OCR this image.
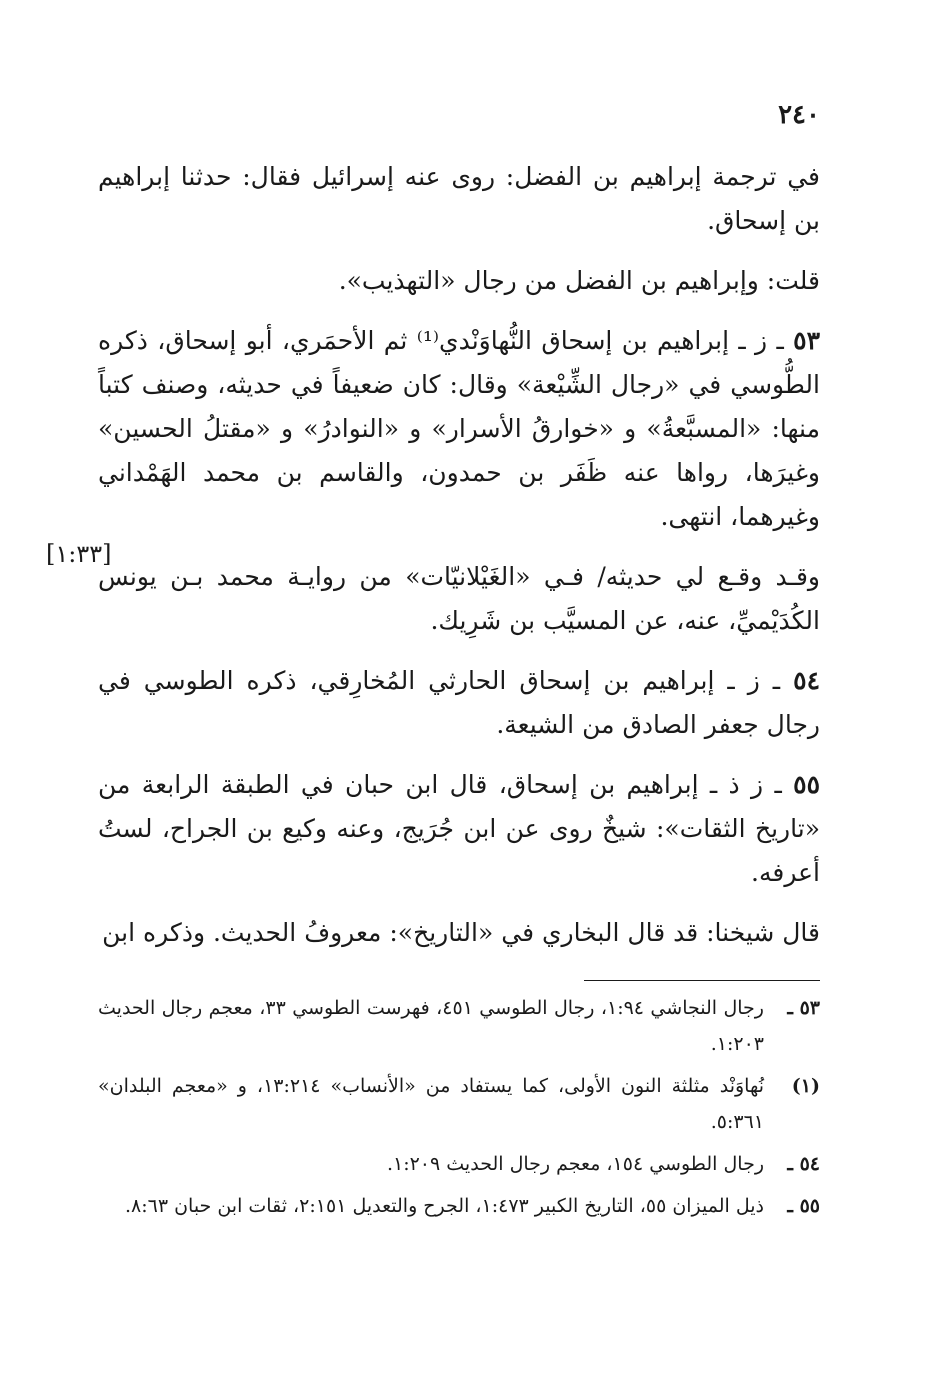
٢٤٠

في ترجمة إبراهيم بن الفضل: روى عنه إسرائيل فقال: حدثنا إبراهيم بن إسحاق.

قلت: وإبراهيم بن الفضل من رجال «التهذيب».

٥٣ ـ ز ـ إبراهيم بن إسحاق النُّهاوَنْدي⁽¹⁾ ثم الأحمَري، أبو إسحاق، ذكره الطُّوسي في «رجال الشِّيْعة» وقال: كان ضعيفاً في حديثه، وصنف كتباً منها: «المسبَّعةُ» و «خوارقُ الأسرار» و «النوادرُ» و «مقتلُ الحسين» وغيرَها، رواها عنه ظَفَر بن حمدون، والقاسم بن محمد الهَمْداني وغيرهما، انتهى.

وقـد وقـع لي حديثه/ فـي «الغَيْلانيّات» من روايـة محمد بـن يونس الكُدَيْميِّ، عنه، عن المسيَّب بن شَرِيك.

٥٤ ـ ز ـ إبراهيم بن إسحاق الحارثي المُخارِقي، ذكره الطوسي في رجال جعفر الصادق من الشيعة.

٥٥ ـ ز ذ ـ إبراهيم بن إسحاق، قال ابن حبان في الطبقة الرابعة من «تاريخ الثقات»: شيخٌ روى عن ابن جُرَيج، وعنه وكيع بن الجراح، لستُ أعرفه.

قال شيخنا: قد قال البخاري في «التاريخ»: معروفُ الحديث. وذكره ابن

[١:٣٣]

٥٣ ـرجال النجاشي ١:٩٤، رجال الطوسي ٤٥١، فهرست الطوسي ٣٣، معجم رجال الحديث ١:٢٠٣.

(١)نُهاوَنْد مثلثة النون الأولى، كما يستفاد من «الأنساب» ١٣:٢١٤، و «معجم البلدان» ٥:٣٦١.

٥٤ ـرجال الطوسي ١٥٤، معجم رجال الحديث ١:٢٠٩.

٥٥ ـذيل الميزان ٥٥، التاريخ الكبير ١:٤٧٣، الجرح والتعديل ٢:١٥١، ثقات ابن حبان ٨:٦٣.
